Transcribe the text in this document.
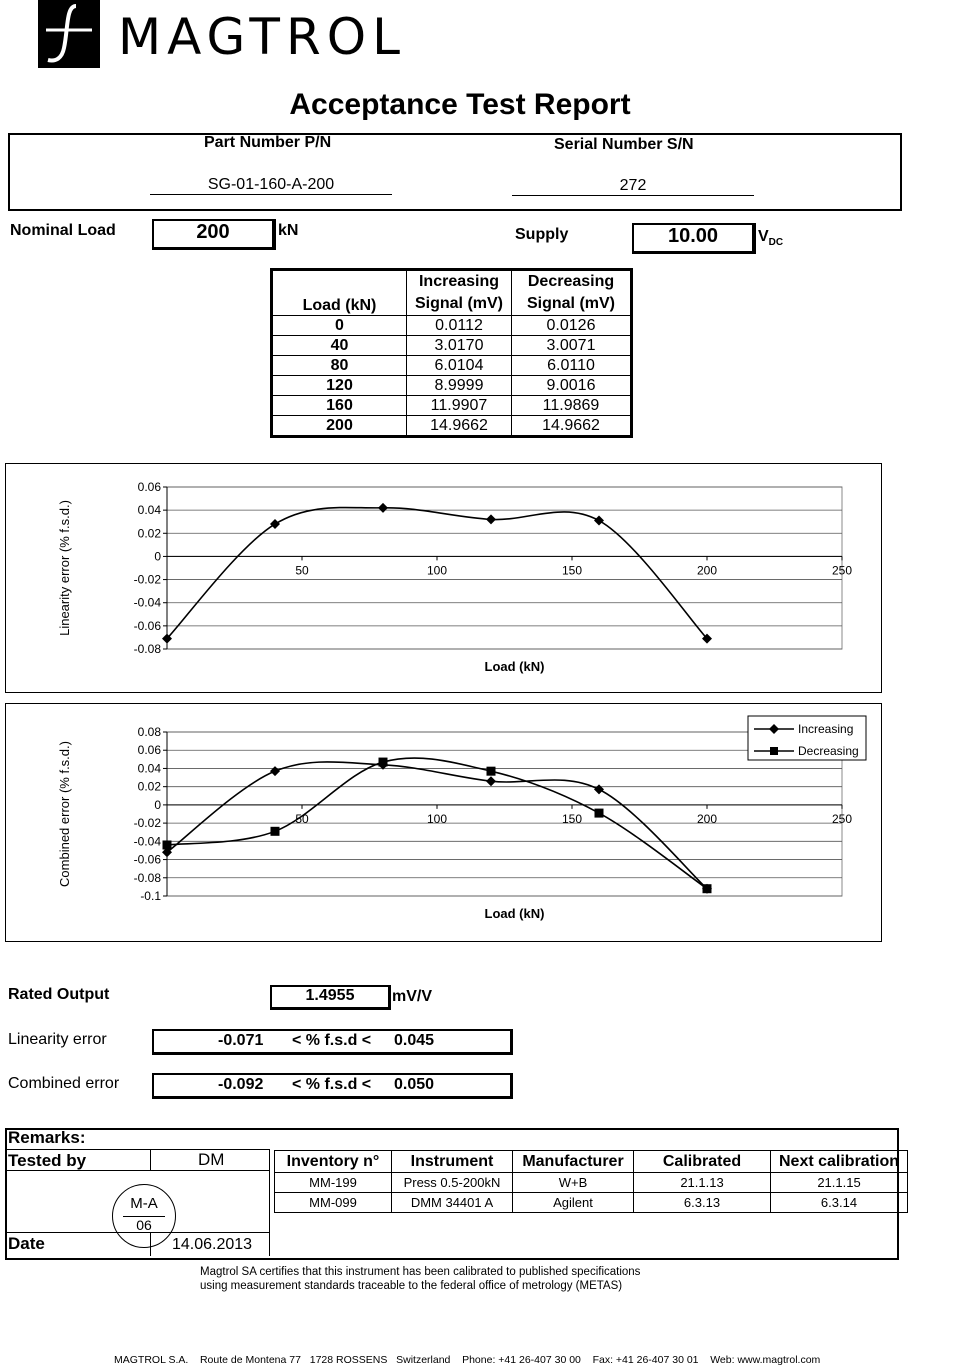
MAGTROL
Acceptance Test Report
Part Number P/N
SG-01-160-A-200
Serial Number S/N
272
Nominal Load	200	kN	Supply	10.00	$V_{DC}$
Load (kN)	Increasing	Decreasing
	Signal (mV)	Signal (mV)
0	0.0112	0.0126
40	3.0170	3.0071
80	6.0104	6.0110
120	8.9999	9.0016
160	11.9907	11.9869
200	14.9662	14.9662
0.06
0.04
0.02
0
-0.02
-0.04
-0.06
-0.08
50	100	150	200	250
Load (kN)
Linearity error (% f.s.d.)
0.08
0.06
0.04
0.02
0
-0.02
-0.04
-0.06
-0.08
-0.1
50	100	150	200	250
Load (kN)
Combined error (% f.s.d.)
Increasing
Decreasing
Rated Output	1.4955	mV/V
Linearity error	-0.071 < % f.s.d < 0.045
Combined error	-0.092 < % f.s.d < 0.050
Remarks:
Tested by	DM
Date	14.06.2013
M-A
06
Inventory n°	Instrument	Manufacturer	Calibrated	Next calibration
MM-199	Press 0.5-200kN	W+B	21.1.13	21.1.15
MM-099	DMM 34401 A	Agilent	6.3.13	6.3.14
Magtrol SA certifies that this instrument has been calibrated to published specifications
using measurement standards traceable to the federal office of metrology (METAS)
MAGTROL S.A. Route de Montena 77 1728 ROSSENS Switzerland Phone: +41 26-407 30 00 Fax: +41 26-407 30 01 Web: www.magtrol.com
